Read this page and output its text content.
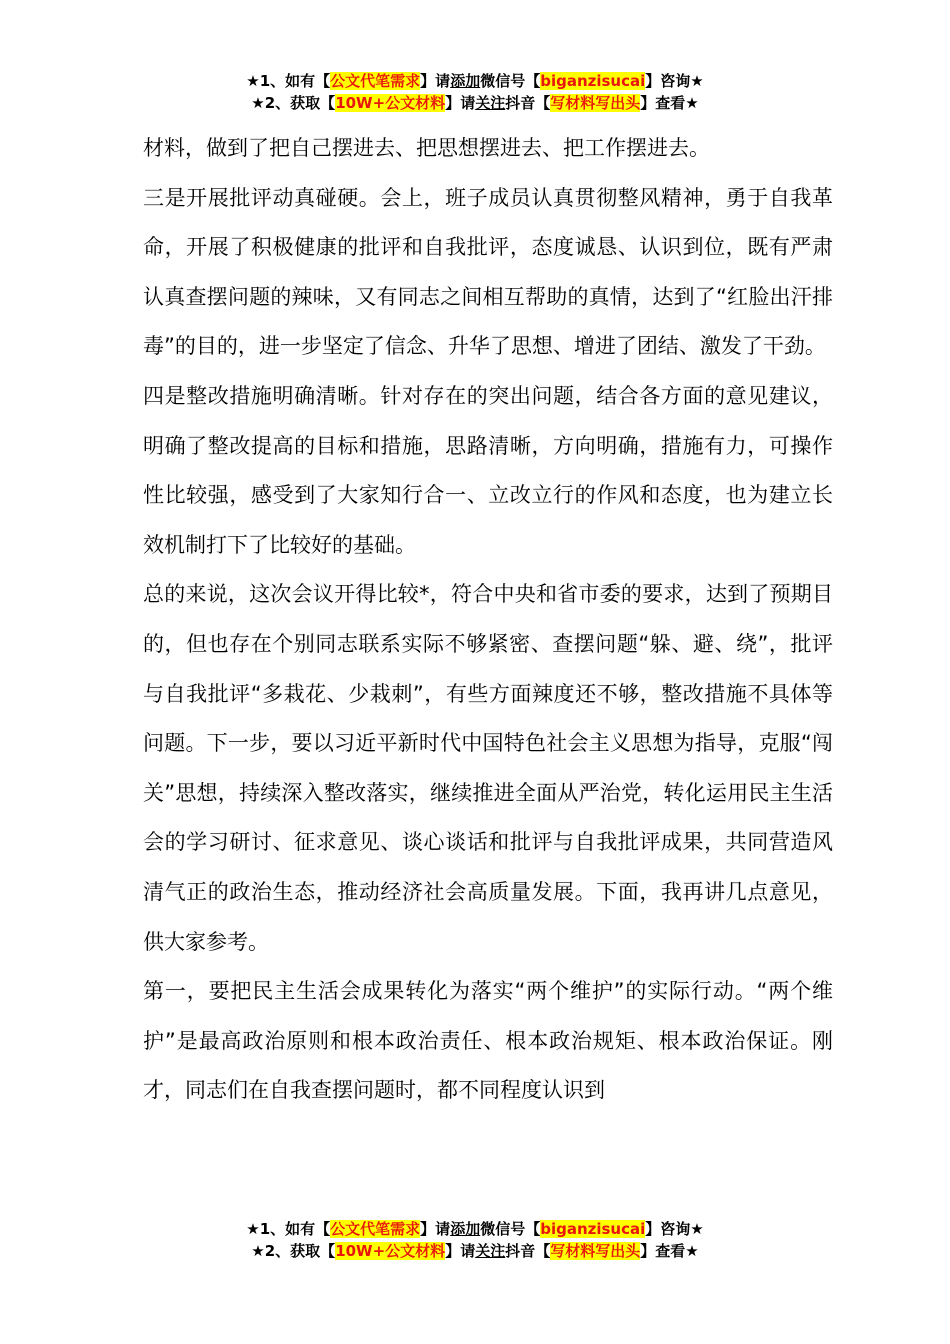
★1、如有【公文代笔需求】请添加微信号【biganzisucai】咨询★
★2、获取【10W+公文材料】请关注抖音【写材料写出头】查看★

材料，做到了把自己摆进去、把思想摆进去、把工作摆进去。

三是开展批评动真碰硬。会上，班子成员认真贯彻整风精神，勇于自我革命，开展了积极健康的批评和自我批评，态度诚恳、认识到位，既有严肃认真查摆问题的辣味，又有同志之间相互帮助的真情，达到了“红脸出汗排毒”的目的，进一步坚定了信念、升华了思想、增进了团结、激发了干劲。

四是整改措施明确清晰。针对存在的突出问题，结合各方面的意见建议，明确了整改提高的目标和措施，思路清晰，方向明确，措施有力，可操作性比较强，感受到了大家知行合一、立改立行的作风和态度，也为建立长效机制打下了比较好的基础。

总的来说，这次会议开得比较*，符合中央和省市委的要求，达到了预期目的，但也存在个别同志联系实际不够紧密、查摆问题“躲、避、绕”，批评与自我批评“多栽花、少栽刺”，有些方面辣度还不够，整改措施不具体等问题。下一步，要以习近平新时代中国特色社会主义思想为指导，克服“闯关”思想，持续深入整改落实，继续推进全面从严治党，转化运用民主生活会的学习研讨、征求意见、谈心谈话和批评与自我批评成果，共同营造风清气正的政治生态，推动经济社会高质量发展。下面，我再讲几点意见，供大家参考。

第一，要把民主生活会成果转化为落实“两个维护”的实际行动。“两个维护”是最高政治原则和根本政治责任、根本政治规矩、根本政治保证。刚才，同志们在自我查摆问题时，都不同程度认识到

★1、如有【公文代笔需求】请添加微信号【biganzisucai】咨询★
★2、获取【10W+公文材料】请关注抖音【写材料写出头】查看★
